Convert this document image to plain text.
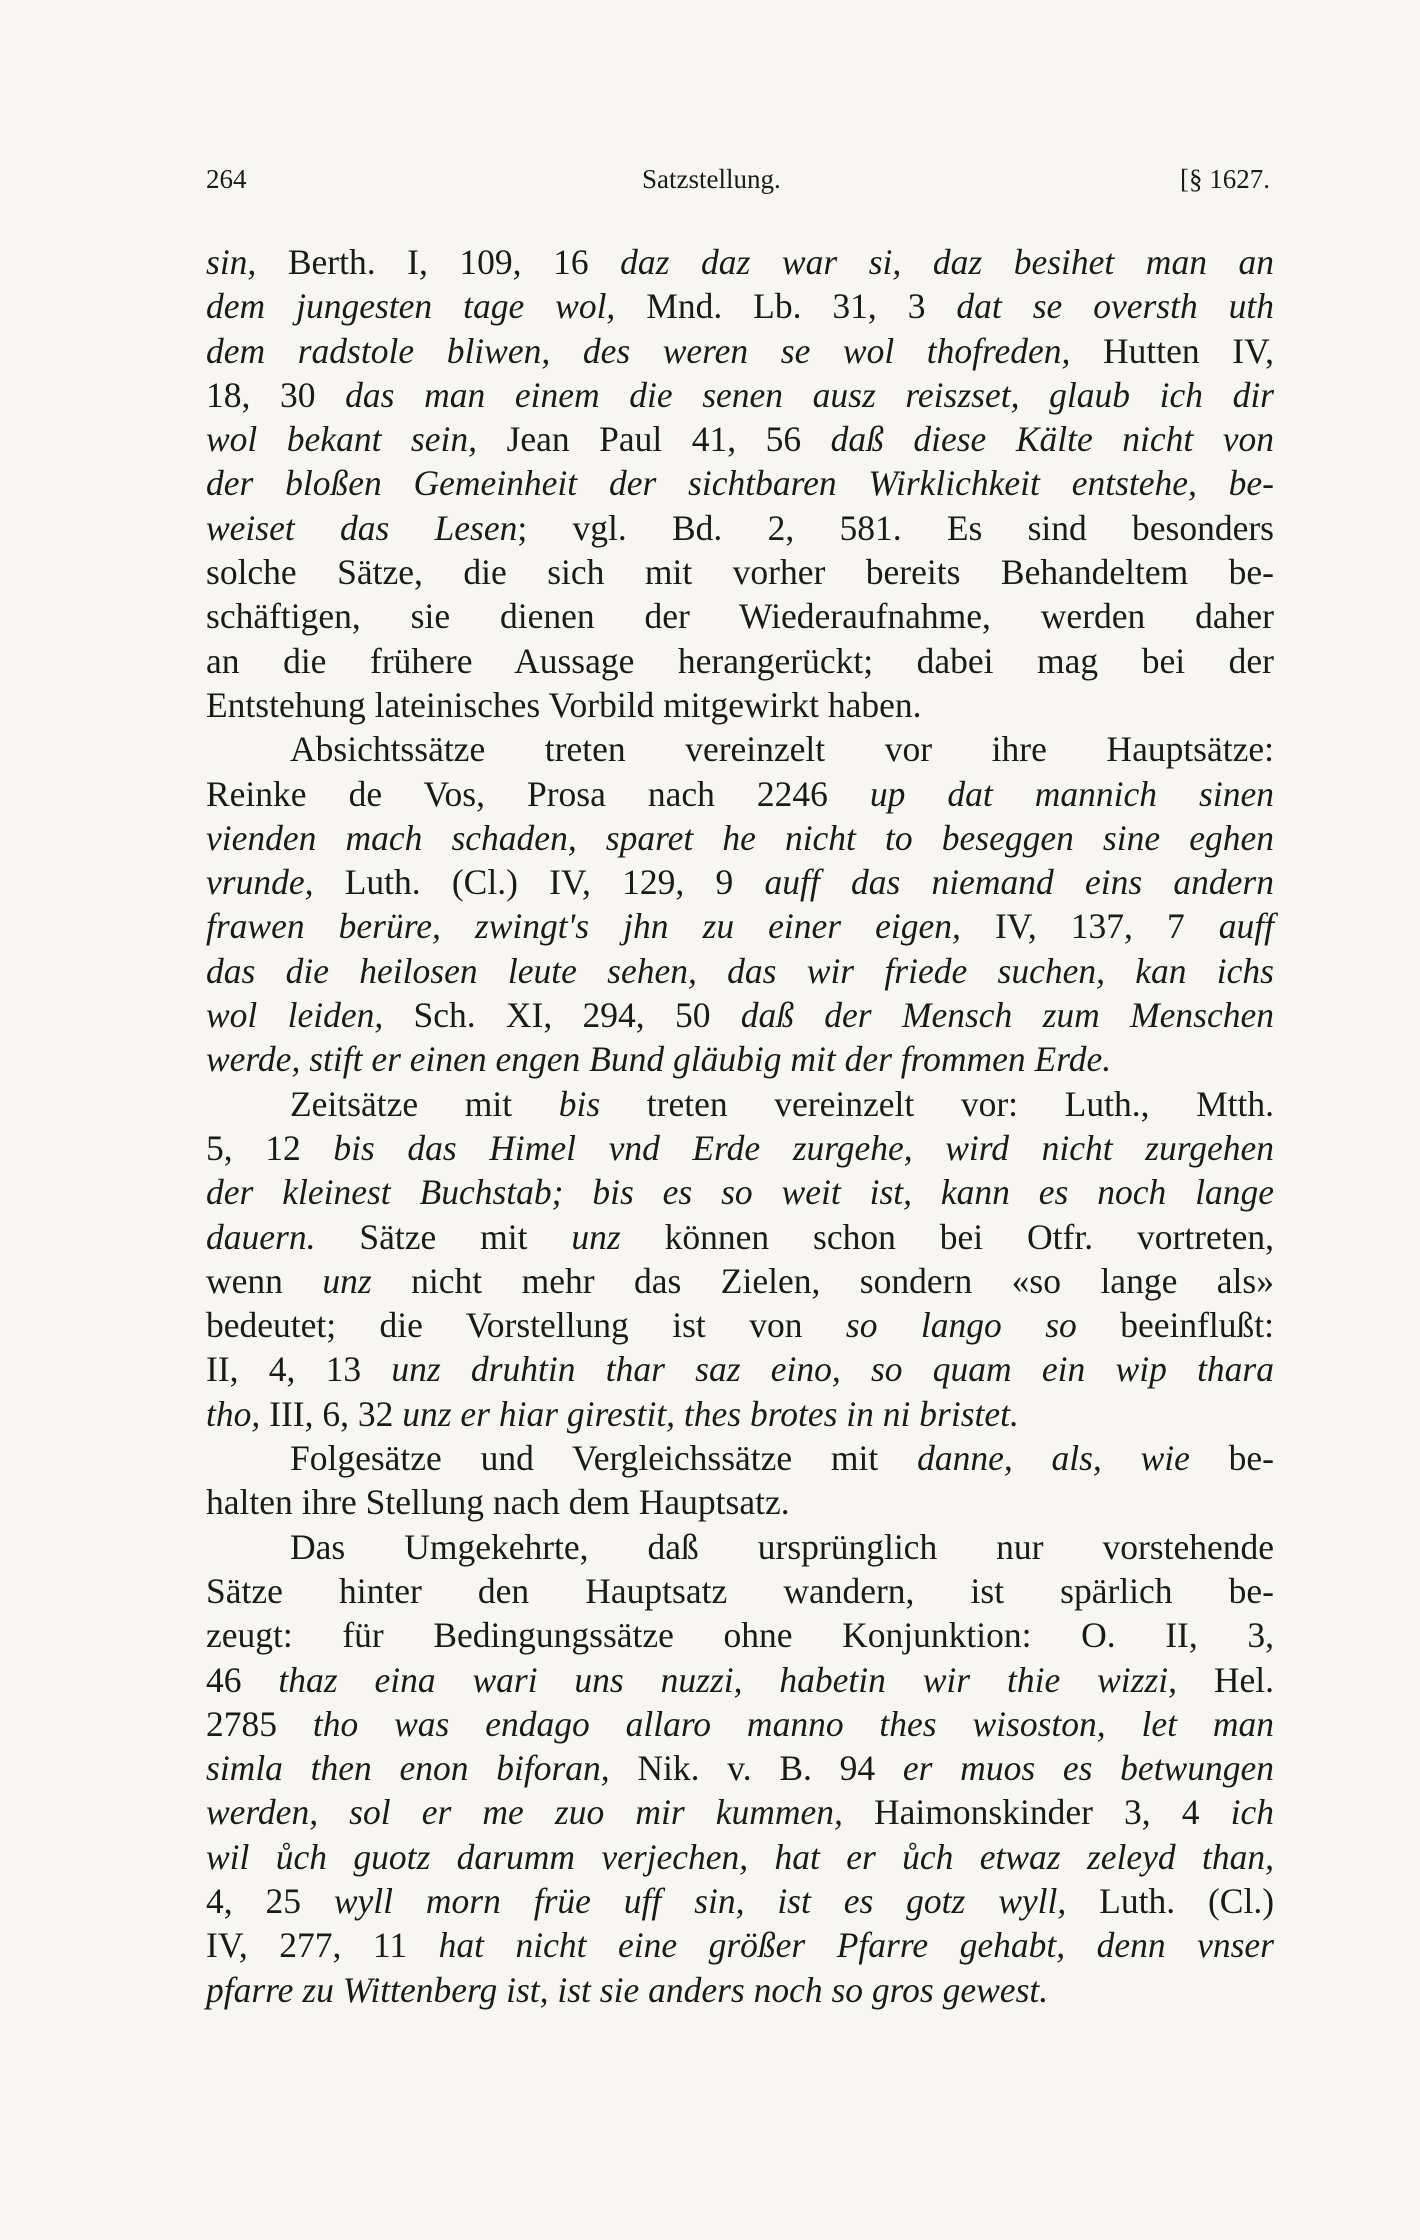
264	Satzstellung.	[§ 1627.
sin, Berth. I, 109, 16 daz daz war si, daz besihet man an
dem jungesten tage wol, Mnd. Lb. 31, 3 dat se oversth uth
dem radstole bliwen, des weren se wol thofreden, Hutten IV,
18, 30 das man einem die senen ausz reiszset, glaub ich dir
wol bekant sein, Jean Paul 41, 56 daß diese Kälte nicht von
der bloßen Gemeinheit der sichtbaren Wirklichkeit entstehe, be-
weiset das Lesen; vgl. Bd. 2, 581. Es sind besonders
solche Sätze, die sich mit vorher bereits Behandeltem be-
schäftigen, sie dienen der Wiederaufnahme, werden daher
an die frühere Aussage herangerückt; dabei mag bei der
Entstehung lateinisches Vorbild mitgewirkt haben.
Absichtssätze treten vereinzelt vor ihre Hauptsätze:
Reinke de Vos, Prosa nach 2246 up dat mannich sinen
vienden mach schaden, sparet he nicht to beseggen sine eghen
vrunde, Luth. (Cl.) IV, 129, 9 auff das niemand eins andern
frawen berüre, zwingt's jhn zu einer eigen, IV, 137, 7 auff
das die heilosen leute sehen, das wir friede suchen, kan ichs
wol leiden, Sch. XI, 294, 50 daß der Mensch zum Menschen
werde, stift er einen engen Bund gläubig mit der frommen Erde.
Zeitsätze mit bis treten vereinzelt vor: Luth., Mtth.
5, 12 bis das Himel vnd Erde zurgehe, wird nicht zurgehen
der kleinest Buchstab; bis es so weit ist, kann es noch lange
dauern. Sätze mit unz können schon bei Otfr. vortreten,
wenn unz nicht mehr das Zielen, sondern «so lange als»
bedeutet; die Vorstellung ist von so lango so beeinflußt:
II, 4, 13 unz druhtin thar saz eino, so quam ein wip thara
tho, III, 6, 32 unz er hiar girestit, thes brotes in ni bristet.
Folgesätze und Vergleichssätze mit danne, als, wie be-
halten ihre Stellung nach dem Hauptsatz.
Das Umgekehrte, daß ursprünglich nur vorstehende
Sätze hinter den Hauptsatz wandern, ist spärlich be-
zeugt: für Bedingungssätze ohne Konjunktion: O. II, 3,
46 thaz eina wari uns nuzzi, habetin wir thie wizzi, Hel.
2785 tho was endago allaro manno thes wisoston, let man
simla then enon biforan, Nik. v. B. 94 er muos es betwungen
werden, sol er me zuo mir kummen, Haimonskinder 3, 4 ich
wil ůch guotz darumm verjechen, hat er ůch etwaz zeleyd than,
4, 25 wyll morn früe uff sin, ist es gotz wyll, Luth. (Cl.)
IV, 277, 11 hat nicht eine größer Pfarre gehabt, denn vnser
pfarre zu Wittenberg ist, ist sie anders noch so gros gewest.
